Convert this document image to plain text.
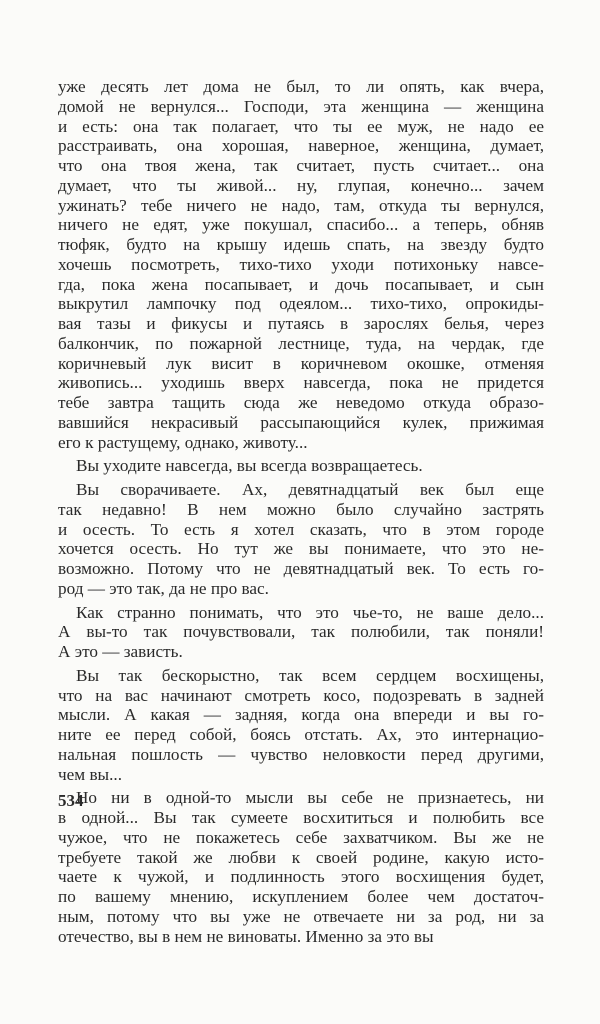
уже десять лет дома не был, то ли опять, как вчера,
домой не вернулся... Господи, эта женщина — женщина
и есть: она так полагает, что ты ее муж, не надо ее
расстраивать, она хорошая, наверное, женщина, думает,
что она твоя жена, так считает, пусть считает... она
думает, что ты живой... ну, глупая, конечно... зачем
ужинать? тебе ничего не надо, там, откуда ты вернулся,
ничего не едят, уже покушал, спасибо... а теперь, обняв
тюфяк, будто на крышу идешь спать, на звезду будто
хочешь посмотреть, тихо-тихо уходи потихоньку навсе-
гда, пока жена посапывает, и дочь посапывает, и сын
выкрутил лампочку под одеялом... тихо-тихо, опрокиды-
вая тазы и фикусы и путаясь в зарослях белья, через
балкончик, по пожарной лестнице, туда, на чердак, где
коричневый лук висит в коричневом окошке, отменяя
живопись... уходишь вверх навсегда, пока не придется
тебе завтра тащить сюда же неведомо откуда образо-
вавшийся некрасивый рассыпающийся кулек, прижимая
его к растущему, однако, животу...
Вы уходите навсегда, вы всегда возвращаетесь.
Вы сворачиваете. Ах, девятнадцатый век был еще
так недавно! В нем можно было случайно застрять
и осесть. То есть я хотел сказать, что в этом городе
хочется осесть. Но тут же вы понимаете, что это не-
возможно. Потому что не девятнадцатый век. То есть го-
род — это так, да не про вас.
Как странно понимать, что это чье-то, не ваше дело...
А вы-то так почувствовали, так полюбили, так поняли!
А это — зависть.
Вы так бескорыстно, так всем сердцем восхищены,
что на вас начинают смотреть косо, подозревать в задней
мысли. А какая — задняя, когда она впереди и вы го-
ните ее перед собой, боясь отстать. Ах, это интернацио-
нальная пошлость — чувство неловкости перед другими,
чем вы...
Но ни в одной-то мысли вы себе не признаетесь, ни
в одной... Вы так сумеете восхититься и полюбить все
чужое, что не покажетесь себе захватчиком. Вы же не
требуете такой же любви к своей родине, какую исто-
чаете к чужой, и подлинность этого восхищения будет,
по вашему мнению, искуплением более чем достаточ-
ным, потому что вы уже не отвечаете ни за род, ни за
отечество, вы в нем не виноваты. Именно за это вы
534
